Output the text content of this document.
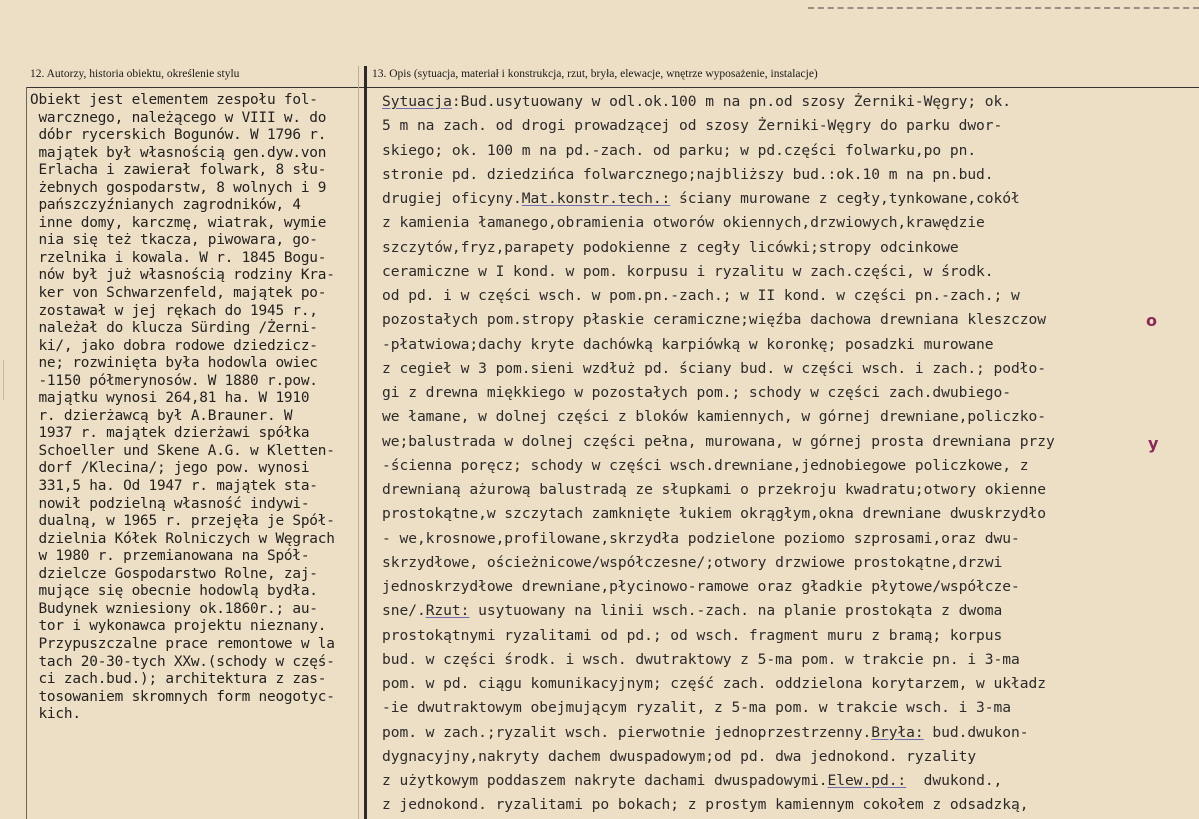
12. Autorzy, historia obiektu, określenie stylu	13. Opis (sytuacja, materiał i konstrukcja, rzut, bryła, elewacje, wnętrze wyposażenie, instalacje)
Obiekt jest elementem zespołu fol-
warcznego, należącego w VIII w. do
dóbr rycerskich Bogunów. W 1796 r.
majątek był własnością gen.dyw.von
Erlacha i zawierał folwark, 8 słu-
żebnych gospodarstw, 8 wolnych i 9
pańszczyźnianych zagrodników, 4
inne domy, karczmę, wiatrak, wymie
nia się też tkacza, piwowara, go-
rzelnika i kowala. W r. 1845 Bogu-
nów był już własnością rodziny Kra-
ker von Schwarzenfeld, majątek po-
zostawał w jej rękach do 1945 r.,
należał do klucza Sürding /Żerni-
ki/, jako dobra rodowe dziedzicz-
ne; rozwinięta była hodowla owiec
-1150 półmerynosów. W 1880 r.pow.
majątku wynosi 264,81 ha. W 1910
r. dzierżawcą był A.Brauner. W
1937 r. majątek dzierżawi spółka
Schoeller und Skene A.G. w Kletten-
dorf /Klecina/; jego pow. wynosi
331,5 ha. Od 1947 r. majątek sta-
nowił podzielną własność indywi-
dualną, w 1965 r. przejęła je Spół-
dzielnia Kółek Rolniczych w Węgrach
w 1980 r. przemianowana na Spół-
dzielcze Gospodarstwo Rolne, zaj-
mujące się obecnie hodowlą bydła.
Budynek wzniesiony ok.1860r.; au-
tor i wykonawca projektu nieznany.
Przypuszczalne prace remontowe w la
tach 20-30-tych XXw.(schody w częś-
ci zach.bud.); architektura z zas-
tosowaniem skromnych form neogotyc-
kich.
Sytuacja:Bud.usytuowany w odl.ok.100 m na pn.od szosy Żerniki-Węgry; ok.
5 m na zach. od drogi prowadzącej od szosy Żerniki-Węgry do parku dwor-
skiego; ok. 100 m na pd.-zach. od parku; w pd.części folwarku,po pn.
stronie pd. dziedzińca folwarcznego;najbliższy bud.:ok.10 m na pn.bud.
drugiej oficyny.Mat.konstr.tech.: ściany murowane z cegły,tynkowane,cokół
z kamienia łamanego,obramienia otworów okiennych,drzwiowych,krawędzie
szczytów,fryz,parapety podokienne z cegły licówki;stropy odcinkowe
ceramiczne w I kond. w pom. korpusu i ryzalitu w zach.części, w środk.
od pd. i w części wsch. w pom.pn.-zach.; w II kond. w części pn.-zach.; w
pozostałych pom.stropy płaskie ceramiczne;więźba dachowa drewniana kleszczow
-płatwiowa;dachy kryte dachówką karpiówką w koronkę; posadzki murowane
z cegieł w 3 pom.sieni wzdłuż pd. ściany bud. w części wsch. i zach.; podło-
gi z drewna miękkiego w pozostałych pom.; schody w części zach.dwubiego-
we łamane, w dolnej części z bloków kamiennych, w górnej drewniane,policzko-
we;balustrada w dolnej części pełna, murowana, w górnej prosta drewniana przy
-ścienna poręcz; schody w części wsch.drewniane,jednobiegowe policzkowe, z
drewnianą ażurową balustradą ze słupkami o przekroju kwadratu;otwory okienne
prostokątne,w szczytach zamknięte łukiem okrągłym,okna drewniane dwuskrzydło
- we,krosnowe,profilowane,skrzydła podzielone poziomo szprosami,oraz dwu-
skrzydłowe, ościeżnicowe/współczesne/;otwory drzwiowe prostokątne,drzwi
jednoskrzydłowe drewniane,płycinowo-ramowe oraz gładkie płytowe/współcze-
sne/.Rzut: usytuowany na linii wsch.-zach. na planie prostokąta z dwoma
prostokątnymi ryzalitami od pd.; od wsch. fragment muru z bramą; korpus
bud. w części środk. i wsch. dwutraktowy z 5-ma pom. w trakcie pn. i 3-ma
pom. w pd. ciągu komunikacyjnym; część zach. oddzielona korytarzem, w układz
-ie dwutraktowym obejmującym ryzalit, z 5-ma pom. w trakcie wsch. i 3-ma
pom. w zach.;ryzalit wsch. pierwotnie jednoprzestrzenny.Bryła: bud.dwukon-
dygnacyjny,nakryty dachem dwuspadowym;od pd. dwa jednokond. ryzality
z użytkowym poddaszem nakryte dachami dwuspadowymi.Elew.pd.:  dwukond.,
z jednokond. ryzalitami po bokach; z prostym kamiennym cokołem z odsadzką,
o
y
